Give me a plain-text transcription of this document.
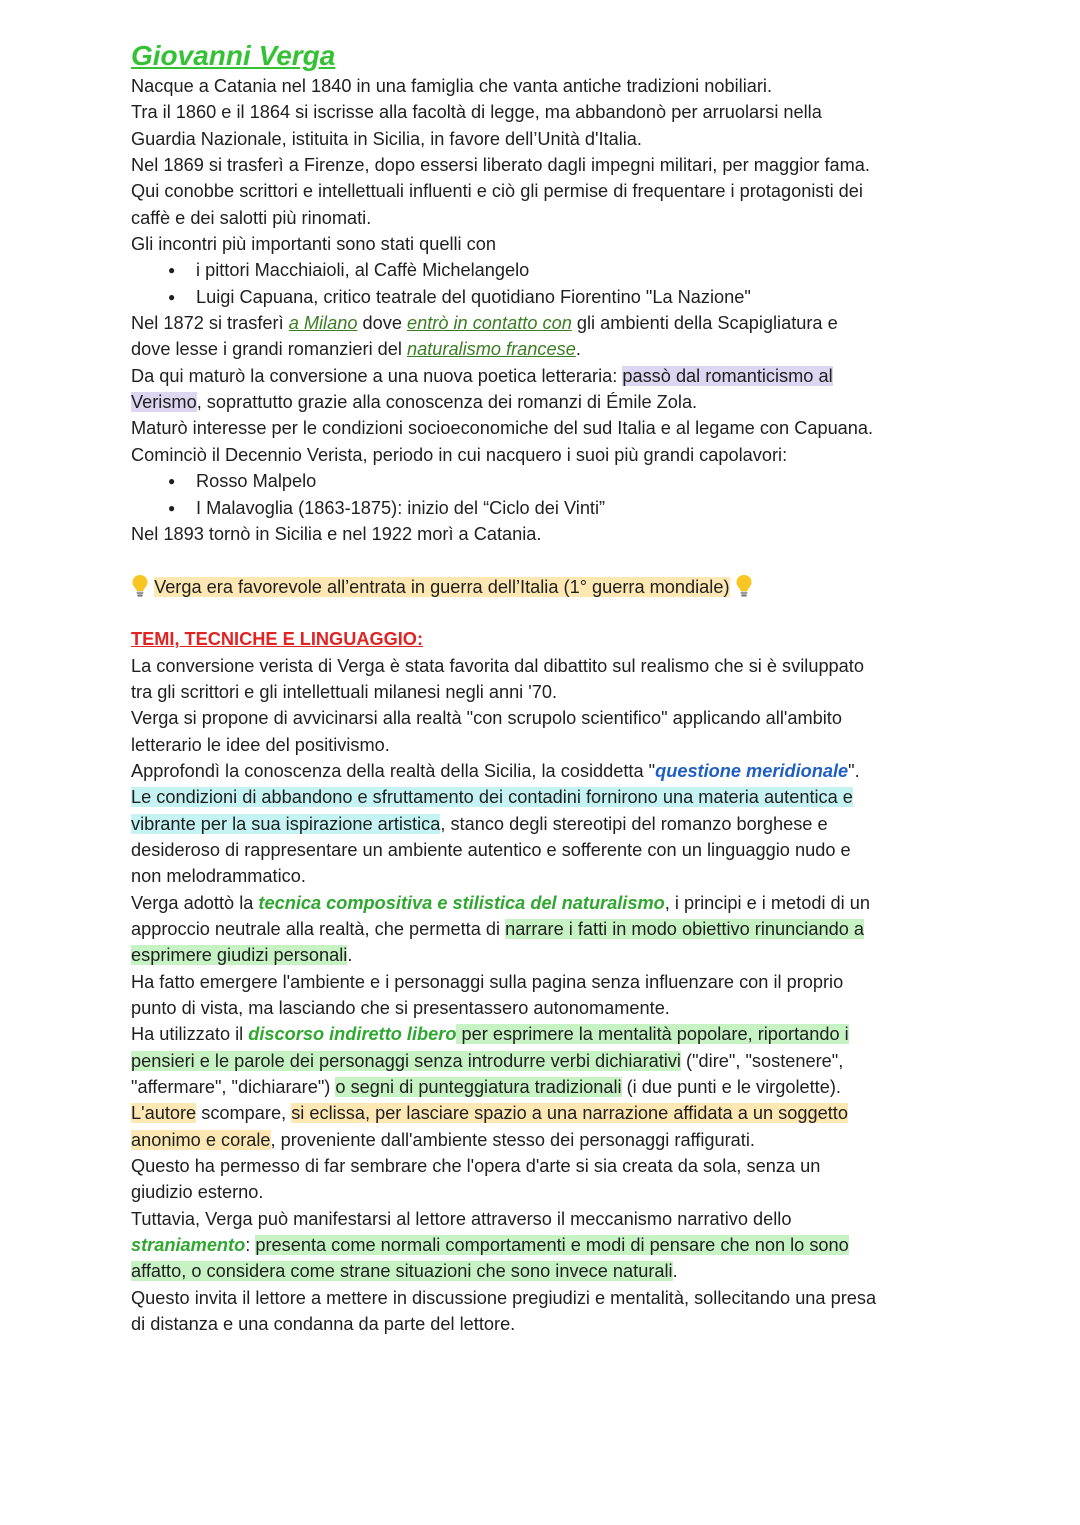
Giovanni Verga
Nacque a Catania nel 1840 in una famiglia che vanta antiche tradizioni nobiliari.
Tra il 1860 e il 1864 si iscrisse alla facoltà di legge, ma abbandonò per arruolarsi nella
Guardia Nazionale, istituita in Sicilia, in favore dell’Unità d'Italia.
Nel 1869 si trasferì a Firenze, dopo essersi liberato dagli impegni militari, per maggior fama.
Qui conobbe scrittori e intellettuali influenti e ciò gli permise di frequentare i protagonisti dei
caffè e dei salotti più rinomati.
Gli incontri più importanti sono stati quelli con
● i pittori Macchiaioli, al Caffè Michelangelo
● Luigi Capuana, critico teatrale del quotidiano Fiorentino "La Nazione"
Nel 1872 si trasferì a Milano dove entrò in contatto con gli ambienti della Scapigliatura e
dove lesse i grandi romanzieri del naturalismo francese.
Da qui maturò la conversione a una nuova poetica letteraria: passò dal romanticismo al
Verismo, soprattutto grazie alla conoscenza dei romanzi di Émile Zola.
Maturò interesse per le condizioni socioeconomiche del sud Italia e al legame con Capuana.
Cominciò il Decennio Verista, periodo in cui nacquero i suoi più grandi capolavori:
● Rosso Malpelo
● I Malavoglia (1863-1875): inizio del “Ciclo dei Vinti”
Nel 1893 tornò in Sicilia e nel 1922 morì a Catania.
Verga era favorevole all’entrata in guerra dell’Italia (1° guerra mondiale)
TEMI, TECNICHE E LINGUAGGIO:
La conversione verista di Verga è stata favorita dal dibattito sul realismo che si è sviluppato
tra gli scrittori e gli intellettuali milanesi negli anni '70.
Verga si propone di avvicinarsi alla realtà "con scrupolo scientifico" applicando all'ambito
letterario le idee del positivismo.
Approfondì la conoscenza della realtà della Sicilia, la cosiddetta "questione meridionale".
Le condizioni di abbandono e sfruttamento dei contadini fornirono una materia autentica e
vibrante per la sua ispirazione artistica, stanco degli stereotipi del romanzo borghese e
desideroso di rappresentare un ambiente autentico e sofferente con un linguaggio nudo e
non melodrammatico.
Verga adottò la tecnica compositiva e stilistica del naturalismo, i principi e i metodi di un
approccio neutrale alla realtà, che permetta di narrare i fatti in modo obiettivo rinunciando a
esprimere giudizi personali.
Ha fatto emergere l'ambiente e i personaggi sulla pagina senza influenzare con il proprio
punto di vista, ma lasciando che si presentassero autonomamente.
Ha utilizzato il discorso indiretto libero per esprimere la mentalità popolare, riportando i
pensieri e le parole dei personaggi senza introdurre verbi dichiarativi ("dire", "sostenere",
"affermare", "dichiarare") o segni di punteggiatura tradizionali (i due punti e le virgolette).
L'autore scompare, si eclissa, per lasciare spazio a una narrazione affidata a un soggetto
anonimo e corale, proveniente dall'ambiente stesso dei personaggi raffigurati.
Questo ha permesso di far sembrare che l'opera d'arte si sia creata da sola, senza un
giudizio esterno.
Tuttavia, Verga può manifestarsi al lettore attraverso il meccanismo narrativo dello
straniamento: presenta come normali comportamenti e modi di pensare che non lo sono
affatto, o considera come strane situazioni che sono invece naturali.
Questo invita il lettore a mettere in discussione pregiudizi e mentalità, sollecitando una presa
di distanza e una condanna da parte del lettore.
